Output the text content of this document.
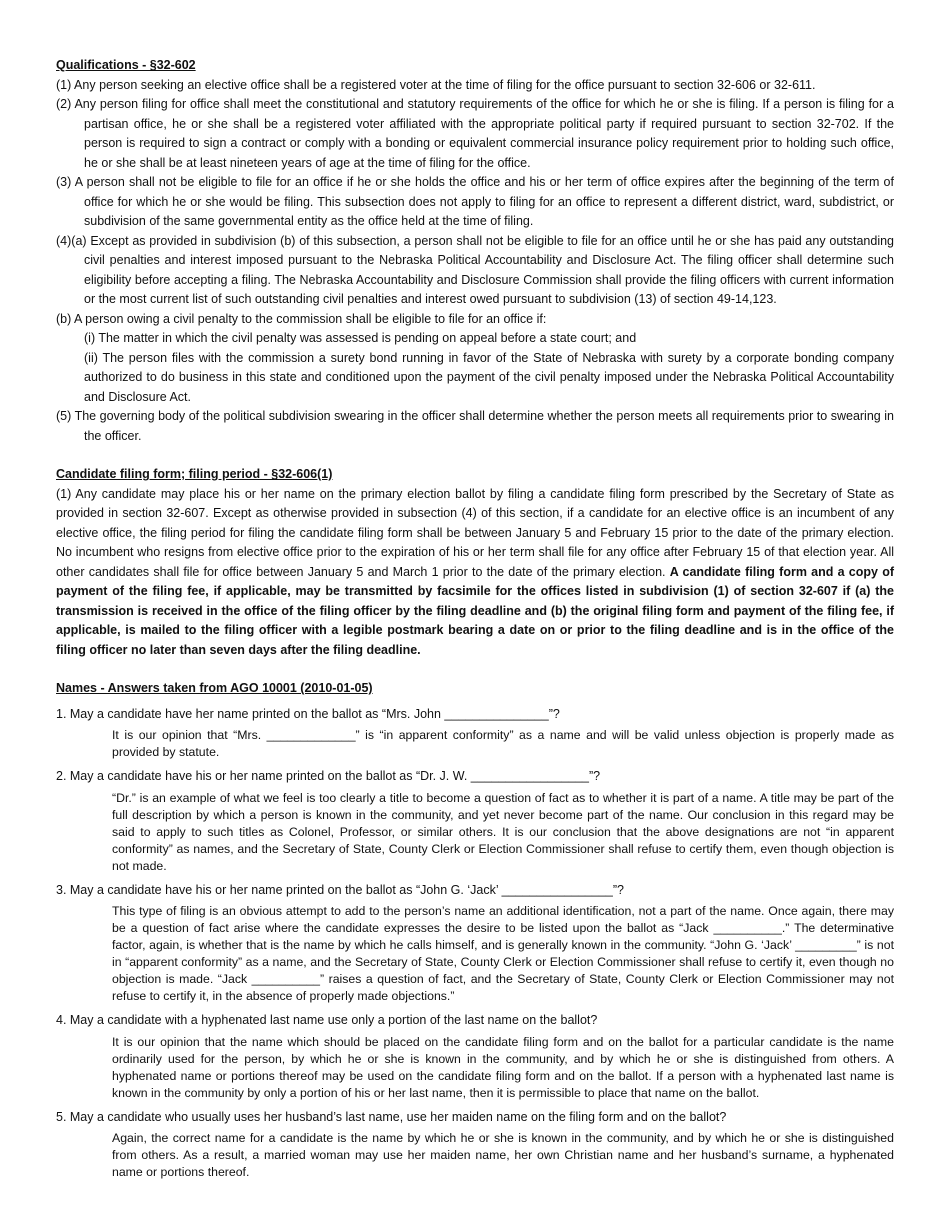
Qualifications - §32-602

(1) Any person seeking an elective office shall be a registered voter at the time of filing for the office pursuant to section 32-606 or 32-611.

(2) Any person filing for office shall meet the constitutional and statutory requirements of the office for which he or she is filing. If a person is filing for a partisan office, he or she shall be a registered voter affiliated with the appropriate political party if required pursuant to section 32-702. If the person is required to sign a contract or comply with a bonding or equivalent commercial insurance policy requirement prior to holding such office, he or she shall be at least nineteen years of age at the time of filing for the office.

(3) A person shall not be eligible to file for an office if he or she holds the office and his or her term of office expires after the beginning of the term of office for which he or she would be filing. This subsection does not apply to filing for an office to represent a different district, ward, subdistrict, or subdivision of the same governmental entity as the office held at the time of filing.

(4)(a) Except as provided in subdivision (b) of this subsection, a person shall not be eligible to file for an office until he or she has paid any outstanding civil penalties and interest imposed pursuant to the Nebraska Political Accountability and Disclosure Act. The filing officer shall determine such eligibility before accepting a filing. The Nebraska Accountability and Disclosure Commission shall provide the filing officers with current information or the most current list of such outstanding civil penalties and interest owed pursuant to subdivision (13) of section 49-14,123.

(b) A person owing a civil penalty to the commission shall be eligible to file for an office if:

(i) The matter in which the civil penalty was assessed is pending on appeal before a state court; and

(ii) The person files with the commission a surety bond running in favor of the State of Nebraska with surety by a corporate bonding company authorized to do business in this state and conditioned upon the payment of the civil penalty imposed under the Nebraska Political Accountability and Disclosure Act.

(5) The governing body of the political subdivision swearing in the officer shall determine whether the person meets all requirements prior to swearing in the officer.

Candidate filing form; filing period - §32-606(1)

(1) Any candidate may place his or her name on the primary election ballot by filing a candidate filing form prescribed by the Secretary of State as provided in section 32-607. Except as otherwise provided in subsection (4) of this section, if a candidate for an elective office is an incumbent of any elective office, the filing period for filing the candidate filing form shall be between January 5 and February 15 prior to the date of the primary election. No incumbent who resigns from elective office prior to the expiration of his or her term shall file for any office after February 15 of that election year. All other candidates shall file for office between January 5 and March 1 prior to the date of the primary election. A candidate filing form and a copy of payment of the filing fee, if applicable, may be transmitted by facsimile for the offices listed in subdivision (1) of section 32-607 if (a) the transmission is received in the office of the filing officer by the filing deadline and (b) the original filing form and payment of the filing fee, if applicable, is mailed to the filing officer with a legible postmark bearing a date on or prior to the filing deadline and is in the office of the filing officer no later than seven days after the filing deadline.

Names - Answers taken from AGO 10001 (2010-01-05)

1. May a candidate have her name printed on the ballot as “Mrs. John _______________”?

It is our opinion that “Mrs. _____________” is “in apparent conformity” as a name and will be valid unless objection is properly made as provided by statute.

2. May a candidate have his or her name printed on the ballot as “Dr. J. W. _________________”?

“Dr.” is an example of what we feel is too clearly a title to become a question of fact as to whether it is part of a name. A title may be part of the full description by which a person is known in the community, and yet never become part of the name. Our conclusion in this regard may be said to apply to such titles as Colonel, Professor, or similar others. It is our conclusion that the above designations are not “in apparent conformity” as names, and the Secretary of State, County Clerk or Election Commissioner shall refuse to certify them, even though objection is not made.

3. May a candidate have his or her name printed on the ballot as “John G. ‘Jack’ ________________”?

This type of filing is an obvious attempt to add to the person’s name an additional identification, not a part of the name. Once again, there may be a question of fact arise where the candidate expresses the desire to be listed upon the ballot as “Jack __________.” The determinative factor, again, is whether that is the name by which he calls himself, and is generally known in the community. “John G. ‘Jack’ _________” is not in “apparent conformity” as a name, and the Secretary of State, County Clerk or Election Commissioner shall refuse to certify it, even though no objection is made. “Jack __________” raises a question of fact, and the Secretary of State, County Clerk or Election Commissioner may not refuse to certify it, in the absence of properly made objections.”

4. May a candidate with a hyphenated last name use only a portion of the last name on the ballot?

It is our opinion that the name which should be placed on the candidate filing form and on the ballot for a particular candidate is the name ordinarily used for the person, by which he or she is known in the community, and by which he or she is distinguished from others. A hyphenated name or portions thereof may be used on the candidate filing form and on the ballot. If a person with a hyphenated last name is known in the community by only a portion of his or her last name, then it is permissible to place that name on the ballot.

5. May a candidate who usually uses her husband’s last name, use her maiden name on the filing form and on the ballot?

Again, the correct name for a candidate is the name by which he or she is known in the community, and by which he or she is distinguished from others. As a result, a married woman may use her maiden name, her own Christian name and her husband’s surname, a hyphenated name or portions thereof.
